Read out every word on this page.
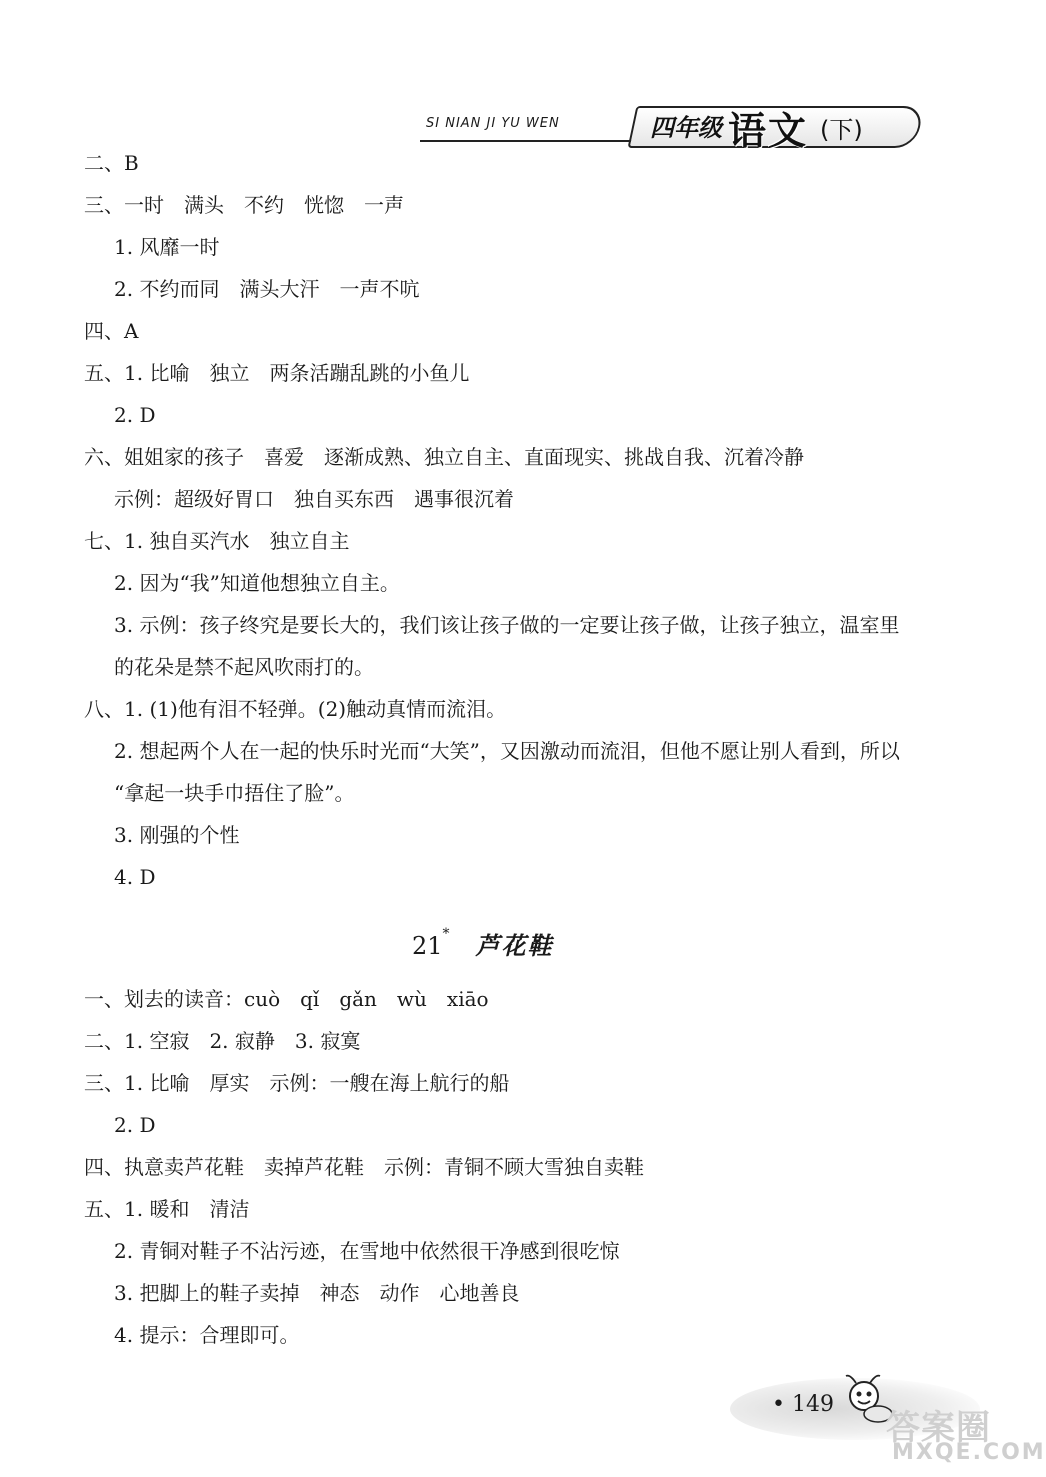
SI NIAN JI YU WEN	四年级 语文 (下)
二、B
三、一时　满头　不约　恍惚　一声
1. 风靡一时
2. 不约而同　满头大汗　一声不吭
四、A
五、1. 比喻　独立　两条活蹦乱跳的小鱼儿
2. D
六、姐姐家的孩子　喜爱　逐渐成熟、独立自主、直面现实、挑战自我、沉着冷静
示例：超级好胃口　独自买东西　遇事很沉着
七、1. 独自买汽水　独立自主
2. 因为“我”知道他想独立自主。
3. 示例：孩子终究是要长大的，我们该让孩子做的一定要让孩子做，让孩子独立，温室里
的花朵是禁不起风吹雨打的。
八、1. (1)他有泪不轻弹。(2)触动真情而流泪。
2. 想起两个人在一起的快乐时光而“大笑”，又因激动而流泪，但他不愿让别人看到，所以
“拿起一块手巾捂住了脸”。
3. 刚强的个性
4. D
21* 芦花鞋
一、划去的读音：cuò　qǐ　gǎn　wù　xiāo
二、1. 空寂　2. 寂静　3. 寂寞
三、1. 比喻　厚实　示例：一艘在海上航行的船
2. D
四、执意卖芦花鞋　卖掉芦花鞋　示例：青铜不顾大雪独自卖鞋
五、1. 暖和　清洁
2. 青铜对鞋子不沾污迹，在雪地中依然很干净感到很吃惊
3. 把脚上的鞋子卖掉　神态　动作　心地善良
4. 提示：合理即可。
• 149
答案圈
MXQE.COM
